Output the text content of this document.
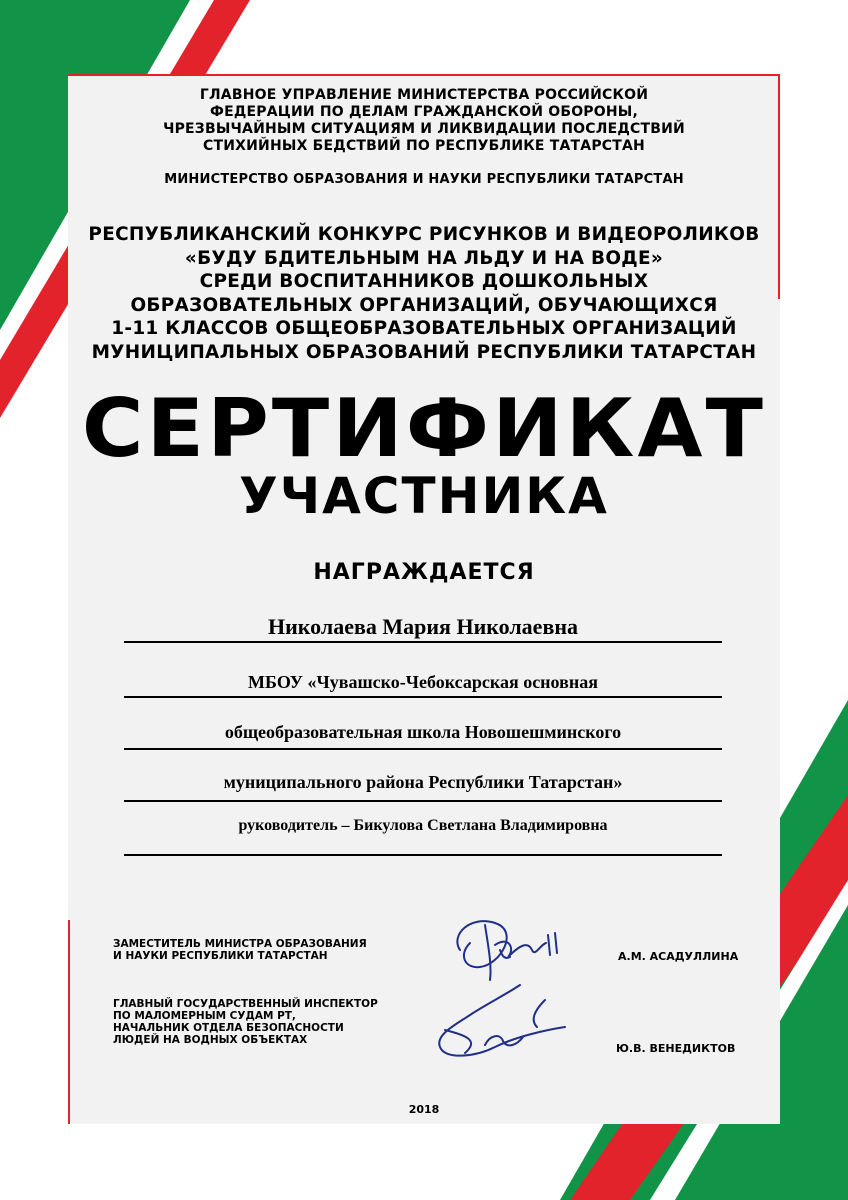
ГЛАВНОЕ УПРАВЛЕНИЕ МИНИСТЕРСТВА РОССИЙСКОЙ
ФЕДЕРАЦИИ ПО ДЕЛАМ ГРАЖДАНСКОЙ ОБОРОНЫ,
ЧРЕЗВЫЧАЙНЫМ СИТУАЦИЯМ И ЛИКВИДАЦИИ ПОСЛЕДСТВИЙ
СТИХИЙНЫХ БЕДСТВИЙ ПО РЕСПУБЛИКЕ ТАТАРСТАН
МИНИСТЕРСТВО ОБРАЗОВАНИЯ И НАУКИ РЕСПУБЛИКИ ТАТАРСТАН
РЕСПУБЛИКАНСКИЙ КОНКУРС РИСУНКОВ И ВИДЕОРОЛИКОВ
«БУДУ БДИТЕЛЬНЫМ НА ЛЬДУ И НА ВОДЕ»
СРЕДИ ВОСПИТАННИКОВ ДОШКОЛЬНЫХ
ОБРАЗОВАТЕЛЬНЫХ ОРГАНИЗАЦИЙ, ОБУЧАЮЩИХСЯ
1-11 КЛАССОВ ОБЩЕОБРАЗОВАТЕЛЬНЫХ ОРГАНИЗАЦИЙ
МУНИЦИПАЛЬНЫХ ОБРАЗОВАНИЙ РЕСПУБЛИКИ ТАТАРСТАН
СЕРТИФИКАТ
УЧАСТНИКА
НАГРАЖДАЕТСЯ
Николаева Мария Николаевна
МБОУ «Чувашско-Чебоксарская основная
общеобразовательная школа Новошешминского
муниципального района Республики Татарстан»
руководитель – Бикулова Светлана Владимировна
ЗАМЕСТИТЕЛЬ МИНИСТРА ОБРАЗОВАНИЯ
И НАУКИ РЕСПУБЛИКИ ТАТАРСТАН	А.М. АСАДУЛЛИНА
ГЛАВНЫЙ ГОСУДАРСТВЕННЫЙ ИНСПЕКТОР
ПО МАЛОМЕРНЫМ СУДАМ РТ,
НАЧАЛЬНИК ОТДЕЛА БЕЗОПАСНОСТИ
ЛЮДЕЙ НА ВОДНЫХ ОБЪЕКТАХ
Ю.В. ВЕНЕДИКТОВ
2018
